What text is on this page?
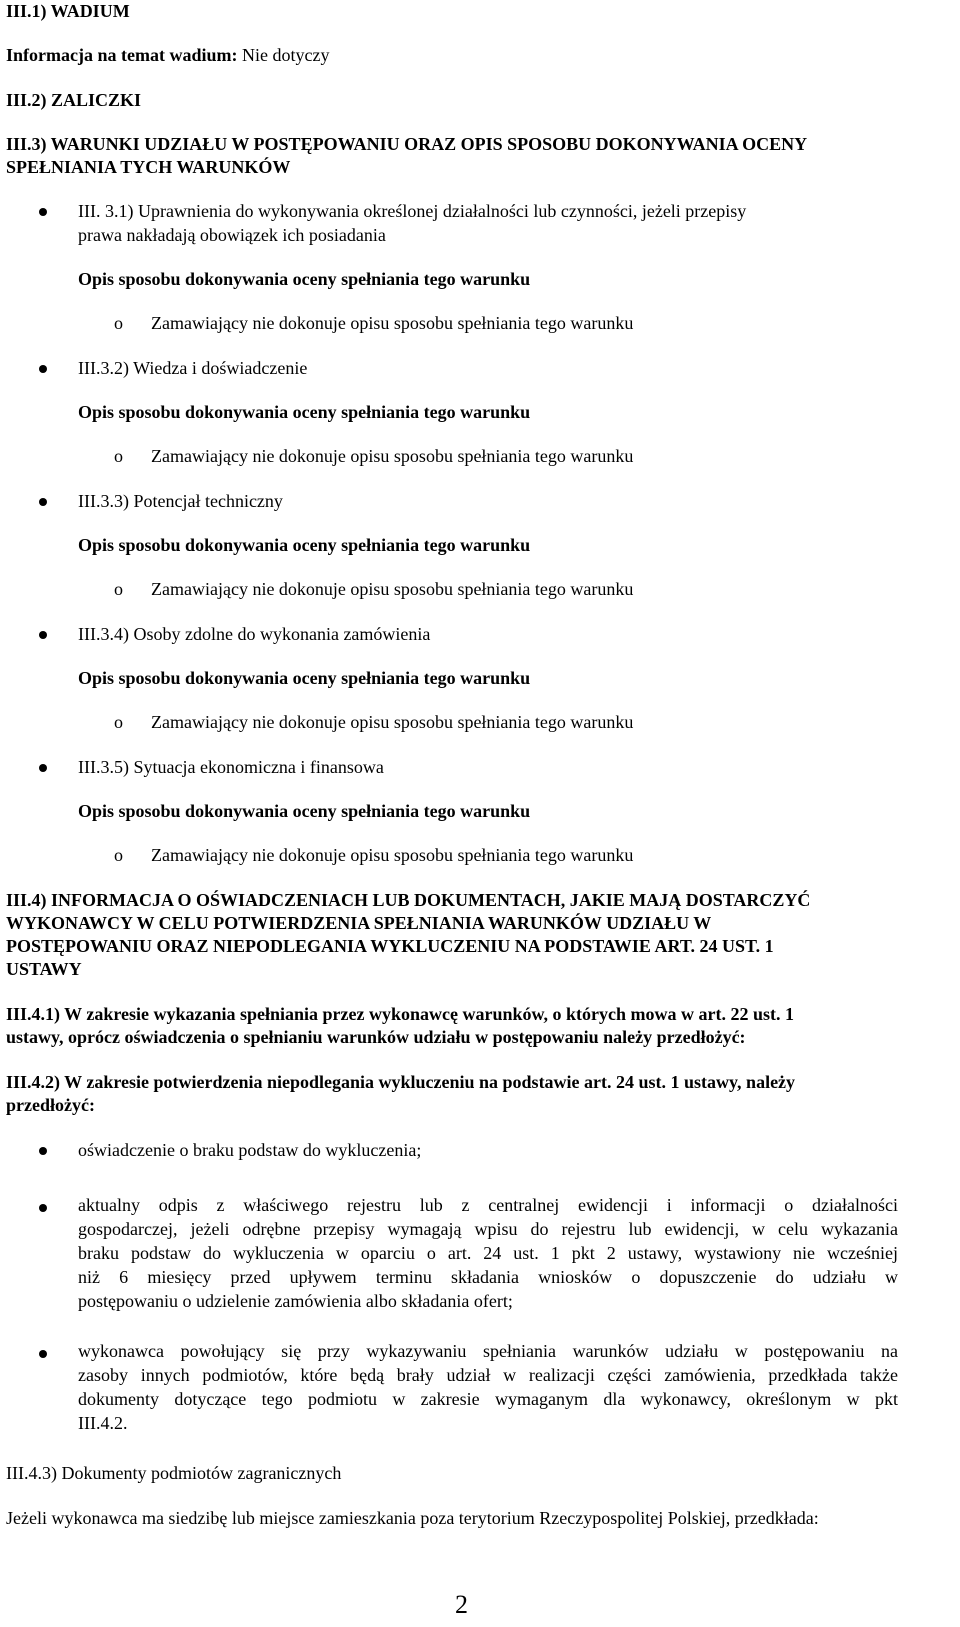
III.1) WADIUM
Informacja na temat wadium: Nie dotyczy
III.2) ZALICZKI
III.3) WARUNKI UDZIAŁU W POSTĘPOWANIU ORAZ OPIS SPOSOBU DOKONYWANIA OCENY
SPEŁNIANIA TYCH WARUNKÓW
III. 3.1) Uprawnienia do wykonywania określonej działalności lub czynności, jeżeli przepisy
prawa nakładają obowiązek ich posiadania
Opis sposobu dokonywania oceny spełniania tego warunku
o Zamawiający nie dokonuje opisu sposobu spełniania tego warunku
III.3.2) Wiedza i doświadczenie
Opis sposobu dokonywania oceny spełniania tego warunku
o Zamawiający nie dokonuje opisu sposobu spełniania tego warunku
III.3.3) Potencjał techniczny
Opis sposobu dokonywania oceny spełniania tego warunku
o Zamawiający nie dokonuje opisu sposobu spełniania tego warunku
III.3.4) Osoby zdolne do wykonania zamówienia
Opis sposobu dokonywania oceny spełniania tego warunku
o Zamawiający nie dokonuje opisu sposobu spełniania tego warunku
III.3.5) Sytuacja ekonomiczna i finansowa
Opis sposobu dokonywania oceny spełniania tego warunku
o Zamawiający nie dokonuje opisu sposobu spełniania tego warunku
III.4) INFORMACJA O OŚWIADCZENIACH LUB DOKUMENTACH, JAKIE MAJĄ DOSTARCZYĆ
WYKONAWCY W CELU POTWIERDZENIA SPEŁNIANIA WARUNKÓW UDZIAŁU W
POSTĘPOWANIU ORAZ NIEPODLEGANIA WYKLUCZENIU NA PODSTAWIE ART. 24 UST. 1
USTAWY
III.4.1) W zakresie wykazania spełniania przez wykonawcę warunków, o których mowa w art. 22 ust. 1
ustawy, oprócz oświadczenia o spełnianiu warunków udziału w postępowaniu należy przedłożyć:
III.4.2) W zakresie potwierdzenia niepodlegania wykluczeniu na podstawie art. 24 ust. 1 ustawy, należy
przedłożyć:
oświadczenie o braku podstaw do wykluczenia;
aktualny odpis z właściwego rejestru lub z centralnej ewidencji i informacji o działalności
gospodarczej, jeżeli odrębne przepisy wymagają wpisu do rejestru lub ewidencji, w celu wykazania
braku podstaw do wykluczenia w oparciu o art. 24 ust. 1 pkt 2 ustawy, wystawiony nie wcześniej
niż 6 miesięcy przed upływem terminu składania wniosków o dopuszczenie do udziału w
postępowaniu o udzielenie zamówienia albo składania ofert;
wykonawca powołujący się przy wykazywaniu spełniania warunków udziału w postępowaniu na
zasoby innych podmiotów, które będą brały udział w realizacji części zamówienia, przedkłada także
dokumenty dotyczące tego podmiotu w zakresie wymaganym dla wykonawcy, określonym w pkt
III.4.2.
III.4.3) Dokumenty podmiotów zagranicznych
Jeżeli wykonawca ma siedzibę lub miejsce zamieszkania poza terytorium Rzeczypospolitej Polskiej, przedkłada:
2
